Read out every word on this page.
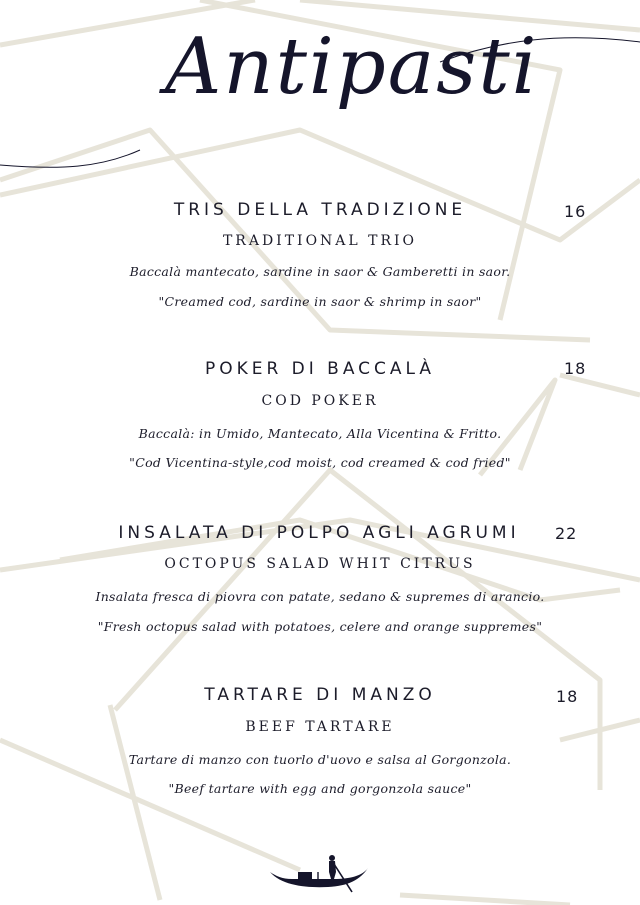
Antipasti
TRIS DELLA TRADIZIONE	16
TRADITIONAL TRIO
Baccalà mantecato, sardine in saor & Gamberetti in saor.
"Creamed cod, sardine in saor & shrimp in saor"
POKER DI BACCALÀ	18
COD POKER
Baccalà: in Umido, Mantecato, Alla Vicentina & Fritto.
"Cod Vicentina-style,cod moist, cod creamed & cod fried"
INSALATA DI POLPO AGLI AGRUMI	22
OCTOPUS SALAD WHIT CITRUS
Insalata fresca di piovra con patate, sedano & supremes di arancio.
"Fresh octopus salad with potatoes, celere and orange suppremes"
TARTARE DI MANZO	18
BEEF TARTARE
Tartare di manzo con tuorlo d'uovo e salsa al Gorgonzola.
"Beef tartare with egg and gorgonzola sauce"
